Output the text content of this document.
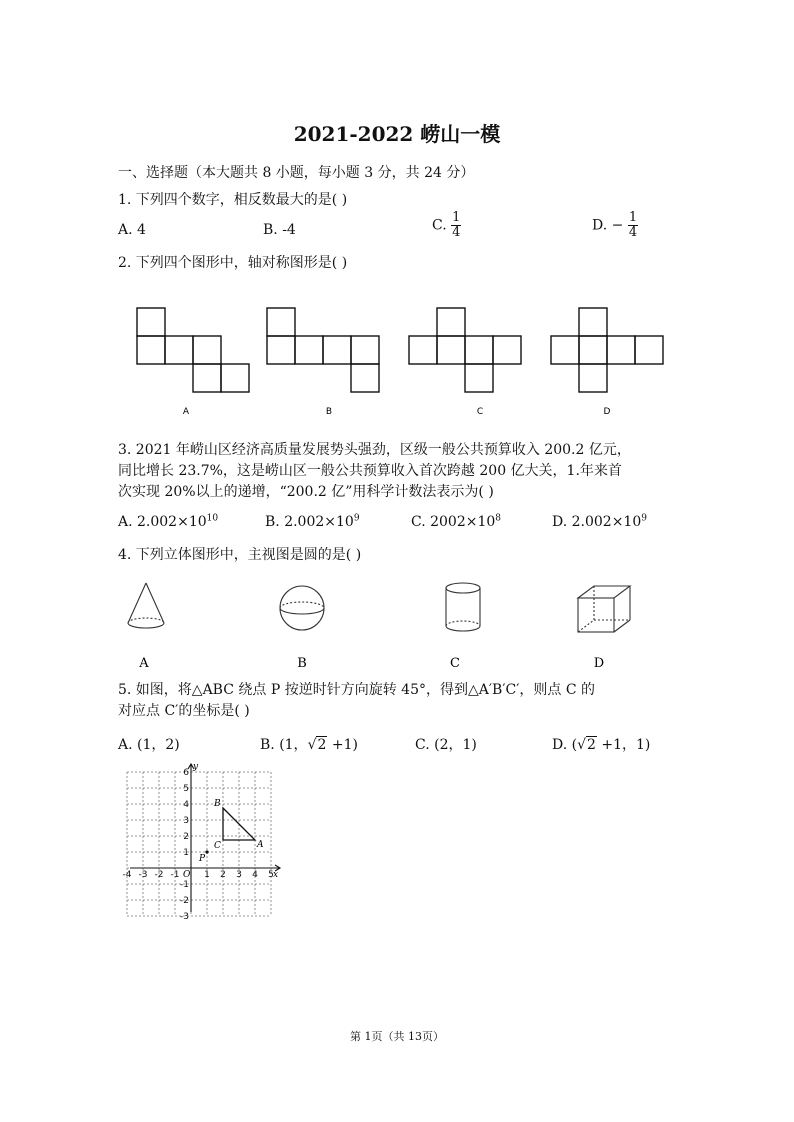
2021-2022 崂山一模
一、选择题（本大题共 8 小题，每小题 3 分，共 24 分）
1. 下列四个数字，相反数最大的是( )
A. 4	B. -4	C. $\frac{1}{4}$	D. − $\frac{1}{4}$
2. 下列四个图形中，轴对称图形是( )
A	B	C	D
3. 2021 年崂山区经济高质量发展势头强劲，区级一般公共预算收入 200.2 亿元，
同比增长 23.7%，这是崂山区一般公共预算收入首次跨越 200 亿大关，1.年来首
次实现 20%以上的递增，“200.2 亿”用科学计数法表示为( )
A. $2.002\times 10^{10}$	B. $2.002\times 10^9$	C. $2002\times 10^8$	D. $2.002\times 10^9$
4. 下列立体图形中，主视图是圆的是( )
A	B	C	D
5. 如图，将△ABC 绕点 P 按逆时针方向旋转 45°，得到△A′B′C′，则点 C 的
对应点 C′的坐标是( )
A. (1，2)	B. (1，√2 +1)	C. (2，1)	D. (√2 +1，1)
-4 -3 -2 -1	1 2 3 4 5
6
5
4
3
2
1
-1
-2
-3
y
x
O
B
A
C
P
第 1页（共 13页）
